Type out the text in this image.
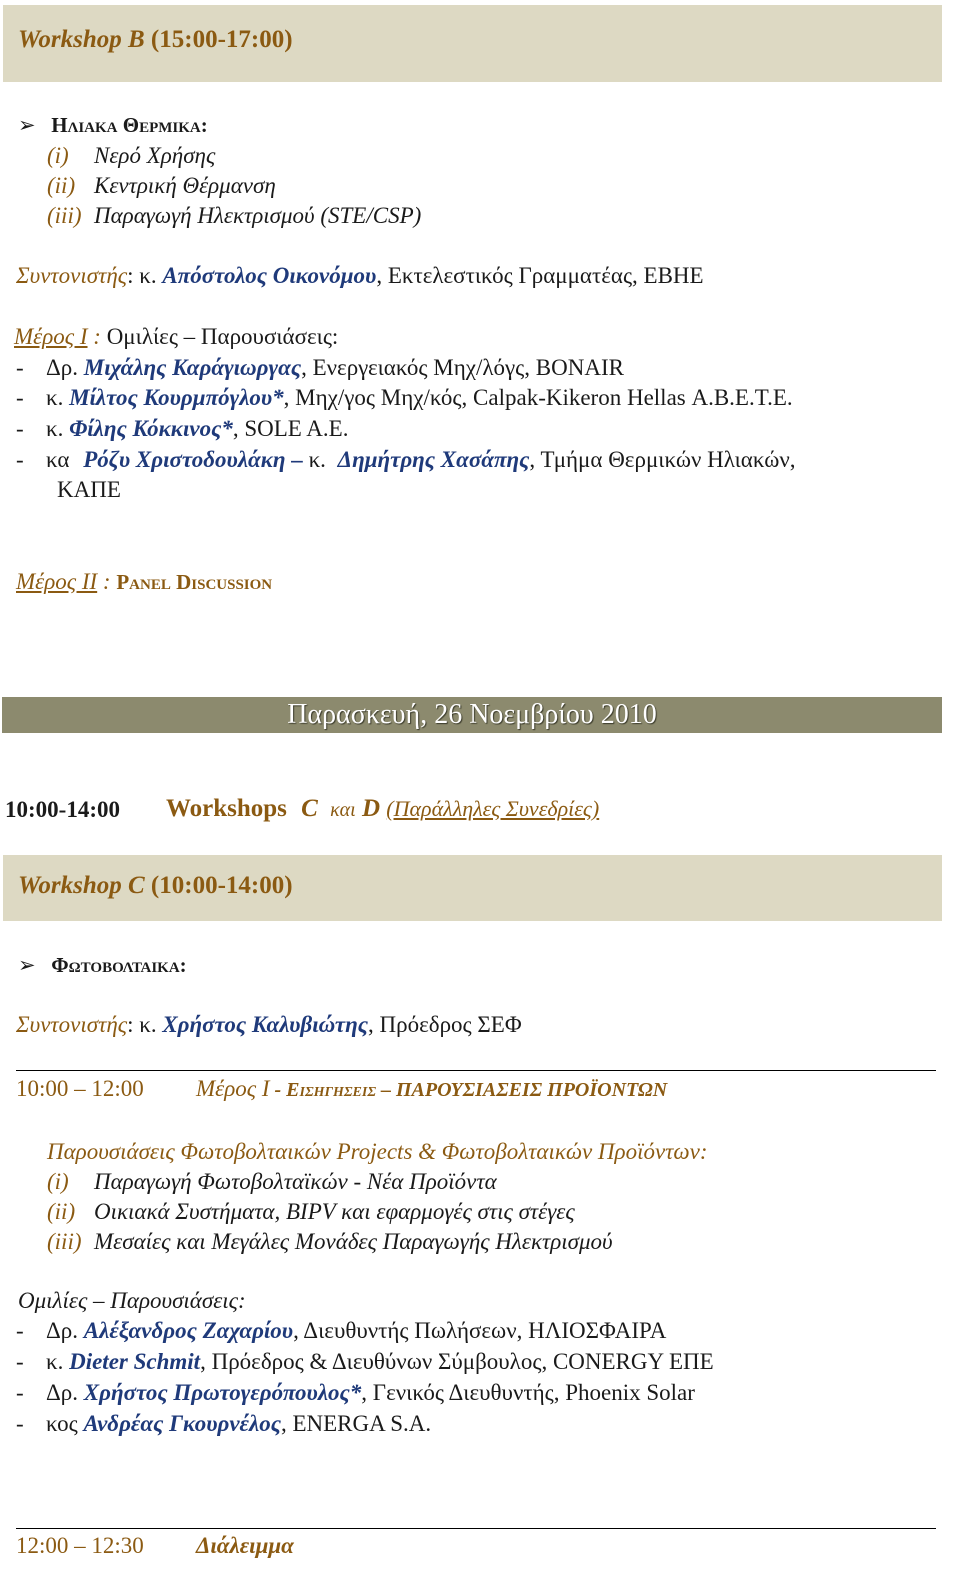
Workshop B (15:00-17:00)
➢ Ηλιακα Θερμικα:
(i) Νερό Χρήσης
(ii) Κεντρική Θέρμανση
(iii) Παραγωγή Ηλεκτρισμού (STE/CSP)
Συντονιστής: κ. Απόστολος Οικονόμου, Εκτελεστικός Γραμματέας, ΕΒΗΕ
Μέρος Ι : Ομιλίες – Παρουσιάσεις:
- Δρ. Μιχάλης Καράγιωργας, Ενεργειακός Μηχ/λόγς, BONAIR
- κ. Μίλτος Κουρμπόγλου*, Μηχ/γος Μηχ/κός, Calpak-Kikeron Hellas Α.Β.Ε.Τ.Ε.
- κ. Φίλης Κόκκινος*, SOLE A.E.
- κα Ρόζυ Χριστοδουλάκη – κ. Δημήτρης Χασάπης, Τμήμα Θερμικών Ηλιακών,
ΚΑΠΕ
Μέρος ΙΙ : Panel Discussion
Παρασκευή, 26 Νοεμβρίου 2010
10:00-14:00 Workshops C και D (Παράλληλες Συνεδρίες)
Workshop C (10:00-14:00)
➢ Φωτοβολταικα:
Συντονιστής: κ. Χρήστος Καλυβιώτης, Πρόεδρος ΣΕΦ
10:00 – 12:00 Μέρος Ι - Εισηγησεις – ΠΑΡΟΥΣΙΑΣΕΙΣ ΠΡΟΪΟΝΤΩΝ
Παρουσιάσεις Φωτοβολταικών Projects & Φωτοβολταικών Προϊόντων:
(i) Παραγωγή Φωτοβολταϊκών - Νέα Προϊόντα
(ii) Οικιακά Συστήματα, BIPV και εφαρμογές στις στέγες
(iii) Μεσαίες και Μεγάλες Μονάδες Παραγωγής Ηλεκτρισμού
Ομιλίες – Παρουσιάσεις:
- Δρ. Αλέξανδρος Ζαχαρίου, Διευθυντής Πωλήσεων, ΗΛΙΟΣΦΑΙΡΑ
- κ. Dieter Schmit, Πρόεδρος & Διευθύνων Σύμβουλος, CONERGY ΕΠΕ
- Δρ. Χρήστος Πρωτογερόπουλος*, Γενικός Διευθυντής, Phoenix Solar
- κος Ανδρέας Γκουρνέλος, ENERGA S.A.
12:00 – 12:30 Διάλειμμα
